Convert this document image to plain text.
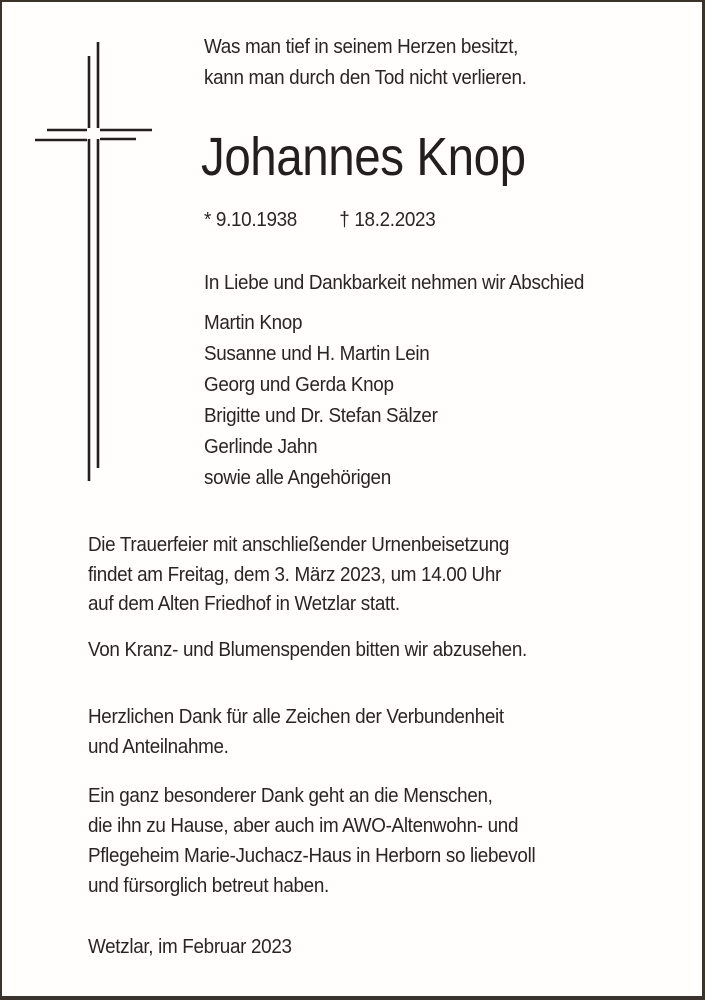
Was man tief in seinem Herzen besitzt,
kann man durch den Tod nicht verlieren.
Johannes Knop
* 9.10.1938 † 18.2.2023
In Liebe und Dankbarkeit nehmen wir Abschied
Martin Knop
Susanne und H. Martin Lein
Georg und Gerda Knop
Brigitte und Dr. Stefan Sälzer
Gerlinde Jahn
sowie alle Angehörigen
Die Trauerfeier mit anschließender Urnenbeisetzung
findet am Freitag, dem 3. März 2023, um 14.00 Uhr
auf dem Alten Friedhof in Wetzlar statt.
Von Kranz- und Blumenspenden bitten wir abzusehen.
Herzlichen Dank für alle Zeichen der Verbundenheit
und Anteilnahme.
Ein ganz besonderer Dank geht an die Menschen,
die ihn zu Hause, aber auch im AWO-Altenwohn- und
Pflegeheim Marie-Juchacz-Haus in Herborn so liebevoll
und fürsorglich betreut haben.
Wetzlar, im Februar 2023
